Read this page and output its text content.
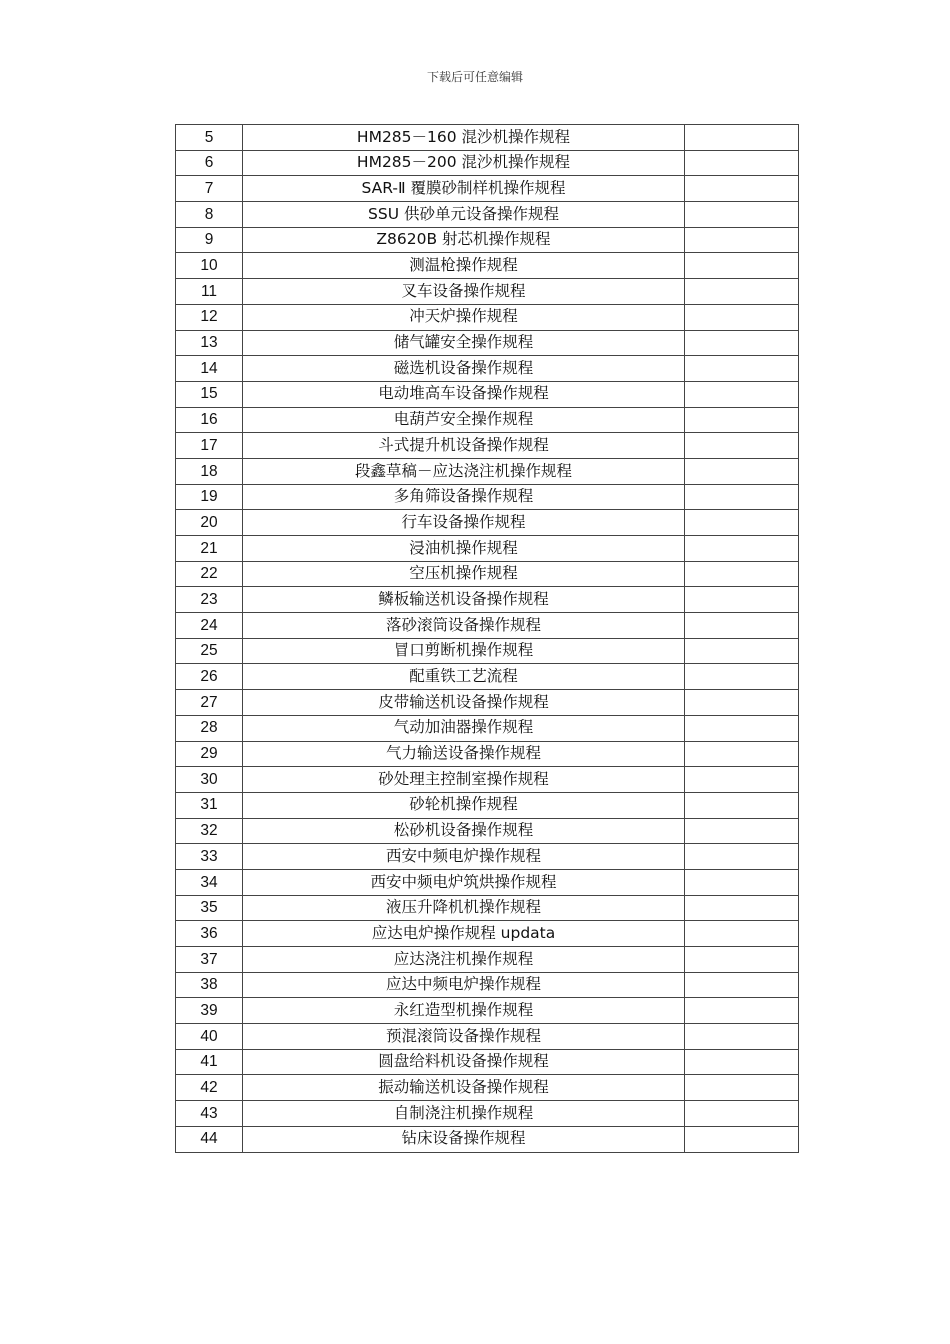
下载后可任意编辑
5	HM285－160 混沙机操作规程	
6	HM285－200 混沙机操作规程	
7	SAR-Ⅱ 覆膜砂制样机操作规程	
8	SSU 供砂单元设备操作规程	
9	Z8620B 射芯机操作规程	
10	测温枪操作规程	
11	叉车设备操作规程	
12	冲天炉操作规程	
13	储气罐安全操作规程	
14	磁选机设备操作规程	
15	电动堆高车设备操作规程	
16	电葫芦安全操作规程	
17	斗式提升机设备操作规程	
18	段鑫草稿－应达浇注机操作规程	
19	多角筛设备操作规程	
20	行车设备操作规程	
21	浸油机操作规程	
22	空压机操作规程	
23	鳞板输送机设备操作规程	
24	落砂滚筒设备操作规程	
25	冒口剪断机操作规程	
26	配重铁工艺流程	
27	皮带输送机设备操作规程	
28	气动加油器操作规程	
29	气力输送设备操作规程	
30	砂处理主控制室操作规程	
31	砂轮机操作规程	
32	松砂机设备操作规程	
33	西安中频电炉操作规程	
34	西安中频电炉筑烘操作规程	
35	液压升降机机操作规程	
36	应达电炉操作规程 updata	
37	应达浇注机操作规程	
38	应达中频电炉操作规程	
39	永红造型机操作规程	
40	预混滚筒设备操作规程	
41	圆盘给料机设备操作规程	
42	振动输送机设备操作规程	
43	自制浇注机操作规程	
44	钻床设备操作规程	
